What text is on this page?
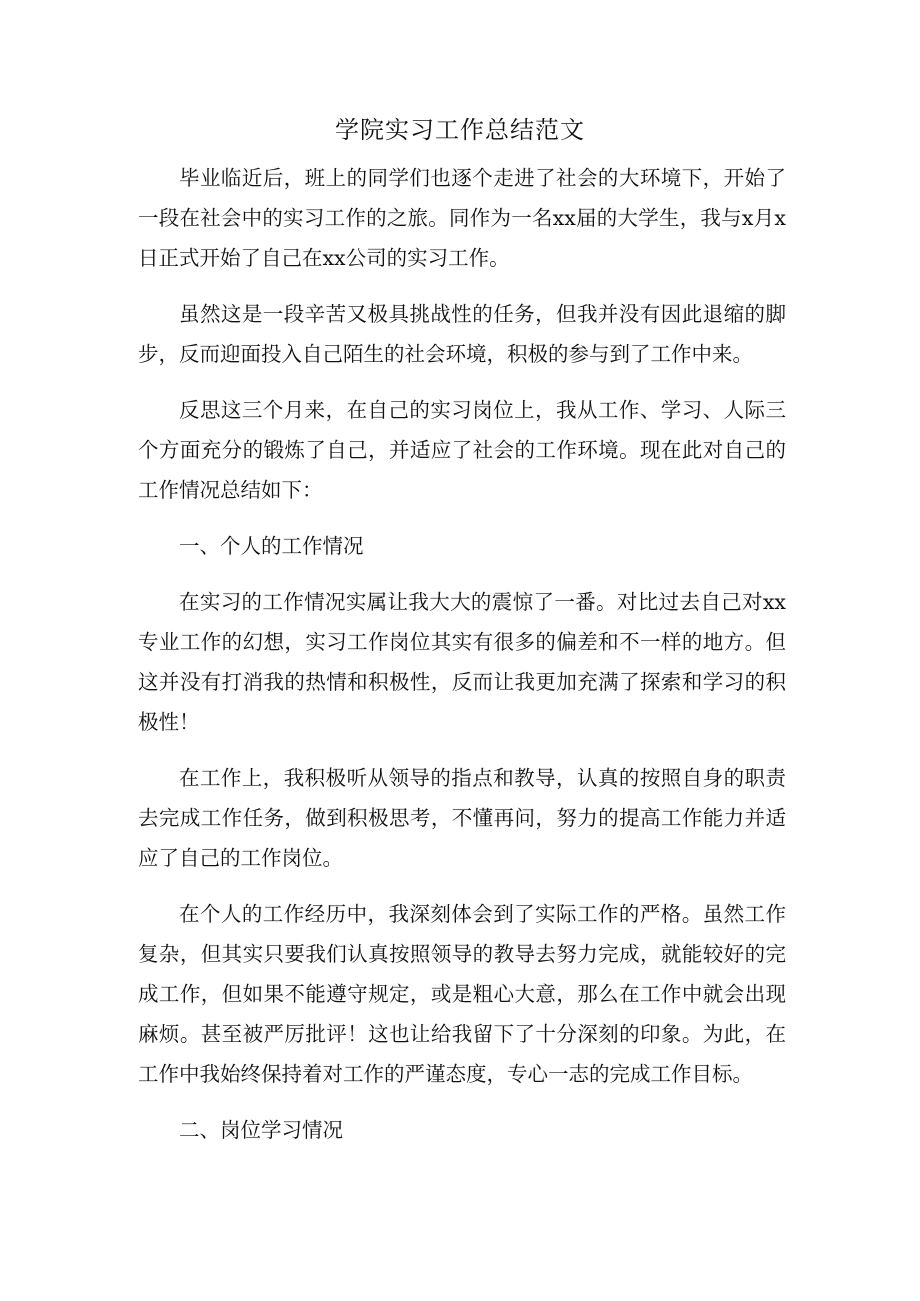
学院实习工作总结范文

毕业临近后，班上的同学们也逐个走进了社会的大环境下，开始了一段在社会中的实习工作的之旅。同作为一名xx届的大学生，我与x月x日正式开始了自己在xx公司的实习工作。

虽然这是一段辛苦又极具挑战性的任务，但我并没有因此退缩的脚步，反而迎面投入自己陌生的社会环境，积极的参与到了工作中来。

反思这三个月来，在自己的实习岗位上，我从工作、学习、人际三个方面充分的锻炼了自己，并适应了社会的工作环境。现在此对自己的工作情况总结如下：

一、个人的工作情况

在实习的工作情况实属让我大大的震惊了一番。对比过去自己对xx专业工作的幻想，实习工作岗位其实有很多的偏差和不一样的地方。但这并没有打消我的热情和积极性，反而让我更加充满了探索和学习的积极性！

在工作上，我积极听从领导的指点和教导，认真的按照自身的职责去完成工作任务，做到积极思考，不懂再问，努力的提高工作能力并适应了自己的工作岗位。

在个人的工作经历中，我深刻体会到了实际工作的严格。虽然工作复杂，但其实只要我们认真按照领导的教导去努力完成，就能较好的完成工作，但如果不能遵守规定，或是粗心大意，那么在工作中就会出现麻烦。甚至被严厉批评！这也让给我留下了十分深刻的印象。为此，在工作中我始终保持着对工作的严谨态度，专心一志的完成工作目标。

二、岗位学习情况
